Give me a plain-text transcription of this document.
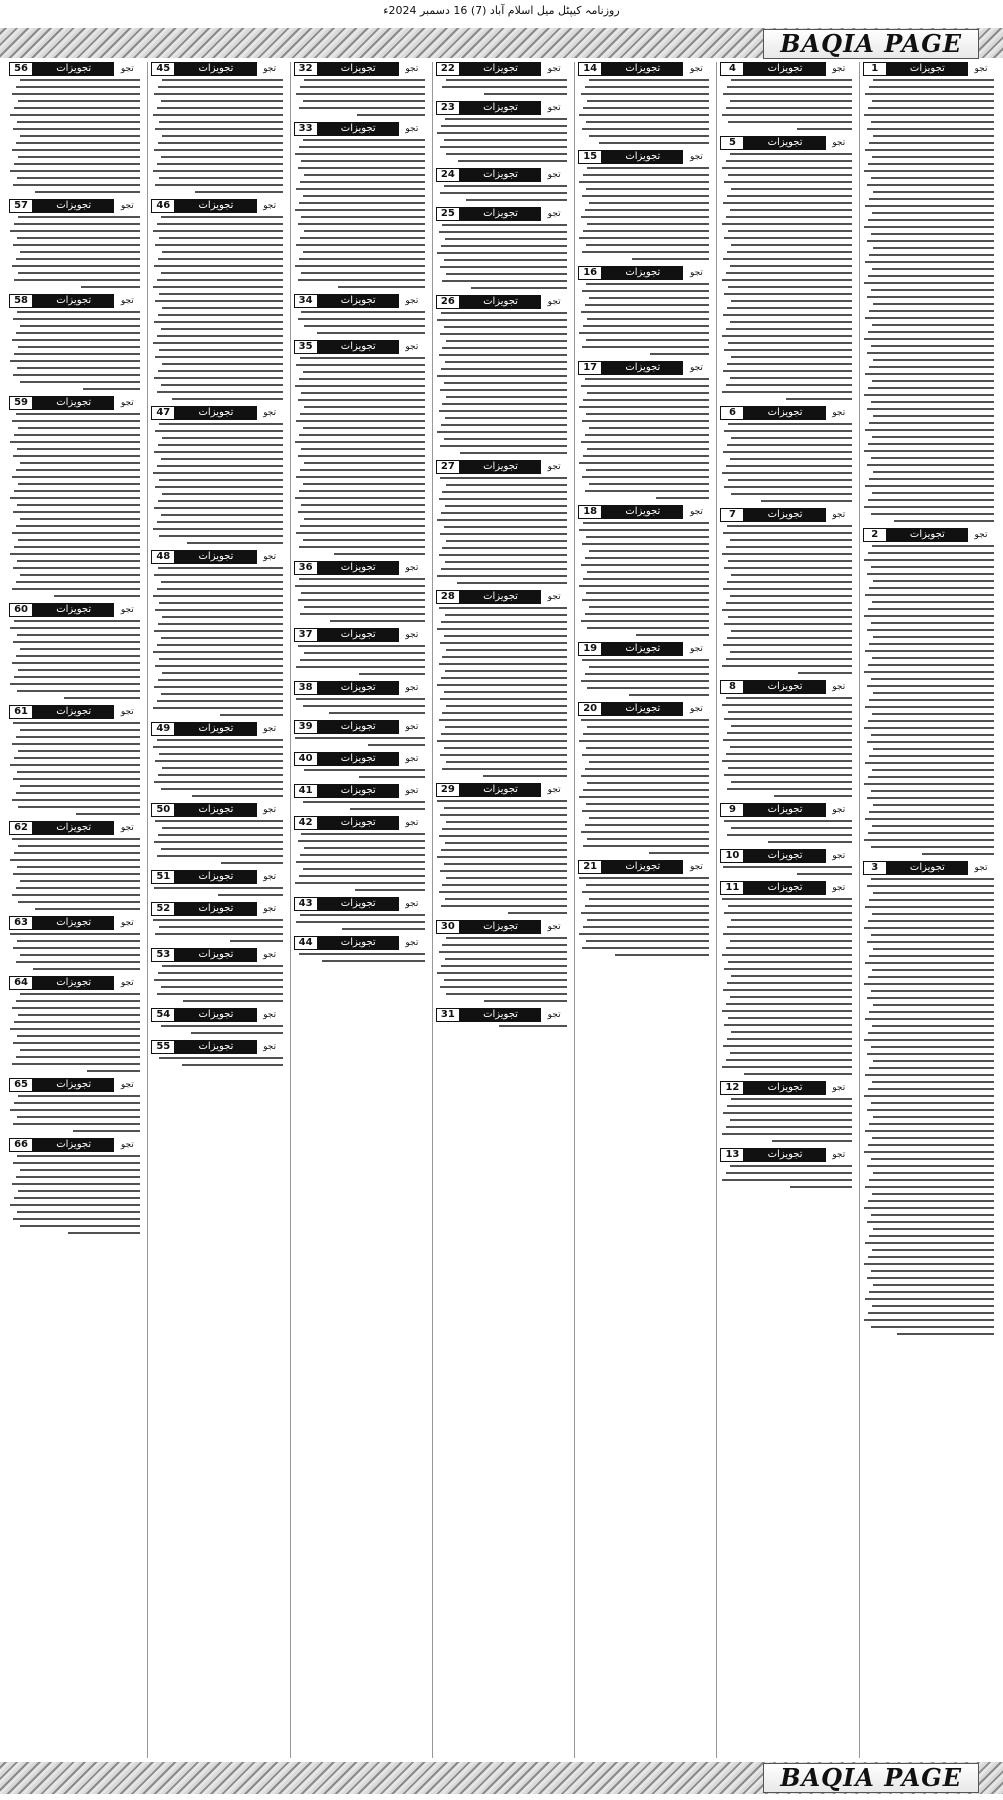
روزنامہ کیپٹل میل اسلام آباد (7) 16 دسمبر 2024ء
BAQIA PAGE
تجو
تجویزات
1
تجو
تجویزات
2
تجو
تجویزات
3
تجو
تجویزات
4
تجو
تجویزات
5
تجو
تجویزات
6
تجو
تجویزات
7
تجو
تجویزات
8
تجو
تجویزات
9
تجو
تجویزات
10
تجو
تجویزات
11
تجو
تجویزات
12
تجو
تجویزات
13
تجو
تجویزات
14
تجو
تجویزات
15
تجو
تجویزات
16
تجو
تجویزات
17
تجو
تجویزات
18
تجو
تجویزات
19
تجو
تجویزات
20
تجو
تجویزات
21
تجو
تجویزات
22
تجو
تجویزات
23
تجو
تجویزات
24
تجو
تجویزات
25
تجو
تجویزات
26
تجو
تجویزات
27
تجو
تجویزات
28
تجو
تجویزات
29
تجو
تجویزات
30
تجو
تجویزات
31
تجو
تجویزات
32
تجو
تجویزات
33
تجو
تجویزات
34
تجو
تجویزات
35
تجو
تجویزات
36
تجو
تجویزات
37
تجو
تجویزات
38
تجو
تجویزات
39
تجو
تجویزات
40
تجو
تجویزات
41
تجو
تجویزات
42
تجو
تجویزات
43
تجو
تجویزات
44
تجو
تجویزات
45
تجو
تجویزات
46
تجو
تجویزات
47
تجو
تجویزات
48
تجو
تجویزات
49
تجو
تجویزات
50
تجو
تجویزات
51
تجو
تجویزات
52
تجو
تجویزات
53
تجو
تجویزات
54
تجو
تجویزات
55
تجو
تجویزات
56
تجو
تجویزات
57
تجو
تجویزات
58
تجو
تجویزات
59
تجو
تجویزات
60
تجو
تجویزات
61
تجو
تجویزات
62
تجو
تجویزات
63
تجو
تجویزات
64
تجو
تجویزات
65
تجو
تجویزات
66
BAQIA PAGE
